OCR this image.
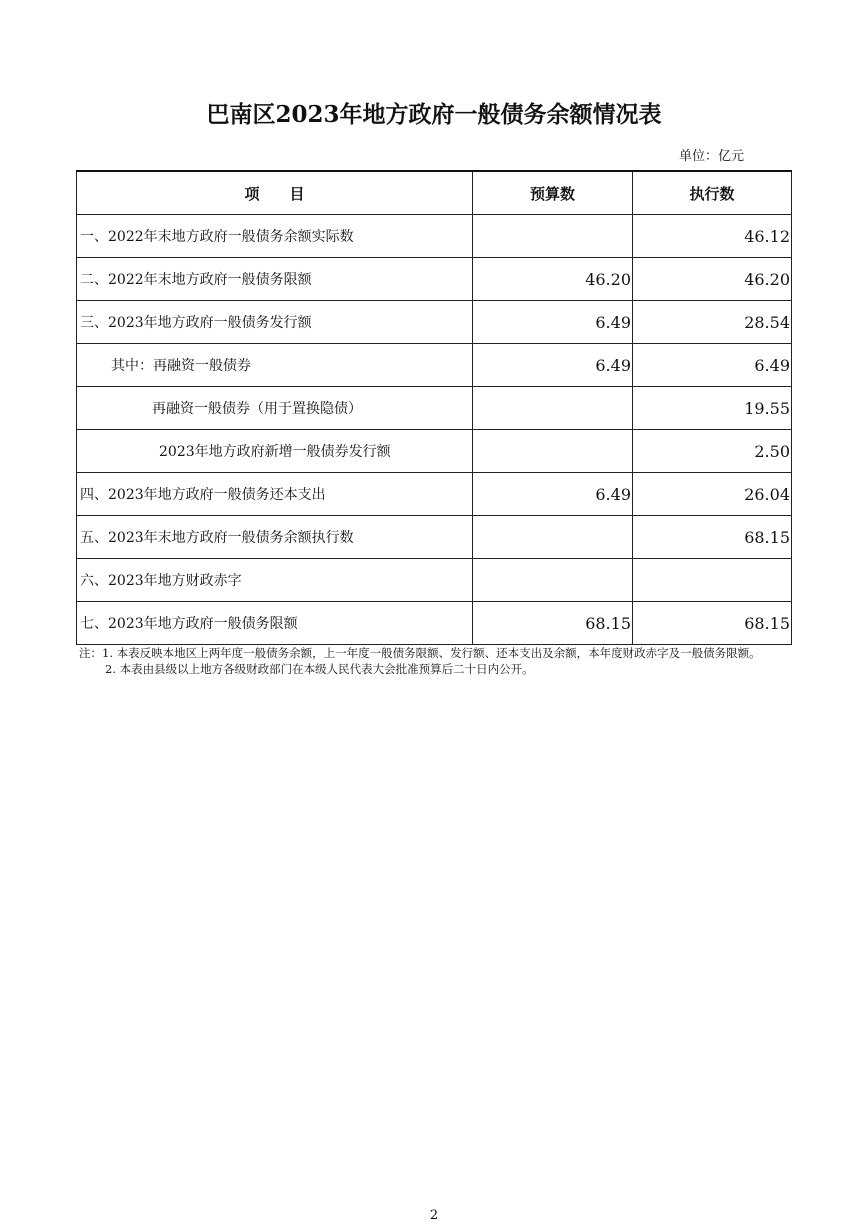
巴南区2023年地方政府一般债务余额情况表
单位：亿元
项　　目	预算数	执行数
一、2022年末地方政府一般债务余额实际数		46.12
二、2022年末地方政府一般债务限额	46.20	46.20
三、2023年地方政府一般债务发行额	6.49	28.54
其中：再融资一般债券	6.49	6.49
再融资一般债券（用于置换隐债）		19.55
2023年地方政府新增一般债券发行额		2.50
四、2023年地方政府一般债务还本支出	6.49	26.04
五、2023年末地方政府一般债务余额执行数		68.15
六、2023年地方财政赤字		
七、2023年地方政府一般债务限额	68.15	68.15

注：1. 本表反映本地区上两年度一般债务余额，上一年度一般债务限额、发行额、还本支出及余额，本年度财政赤字及一般债务限额。

2. 本表由县级以上地方各级财政部门在本级人民代表大会批准预算后二十日内公开。

2
